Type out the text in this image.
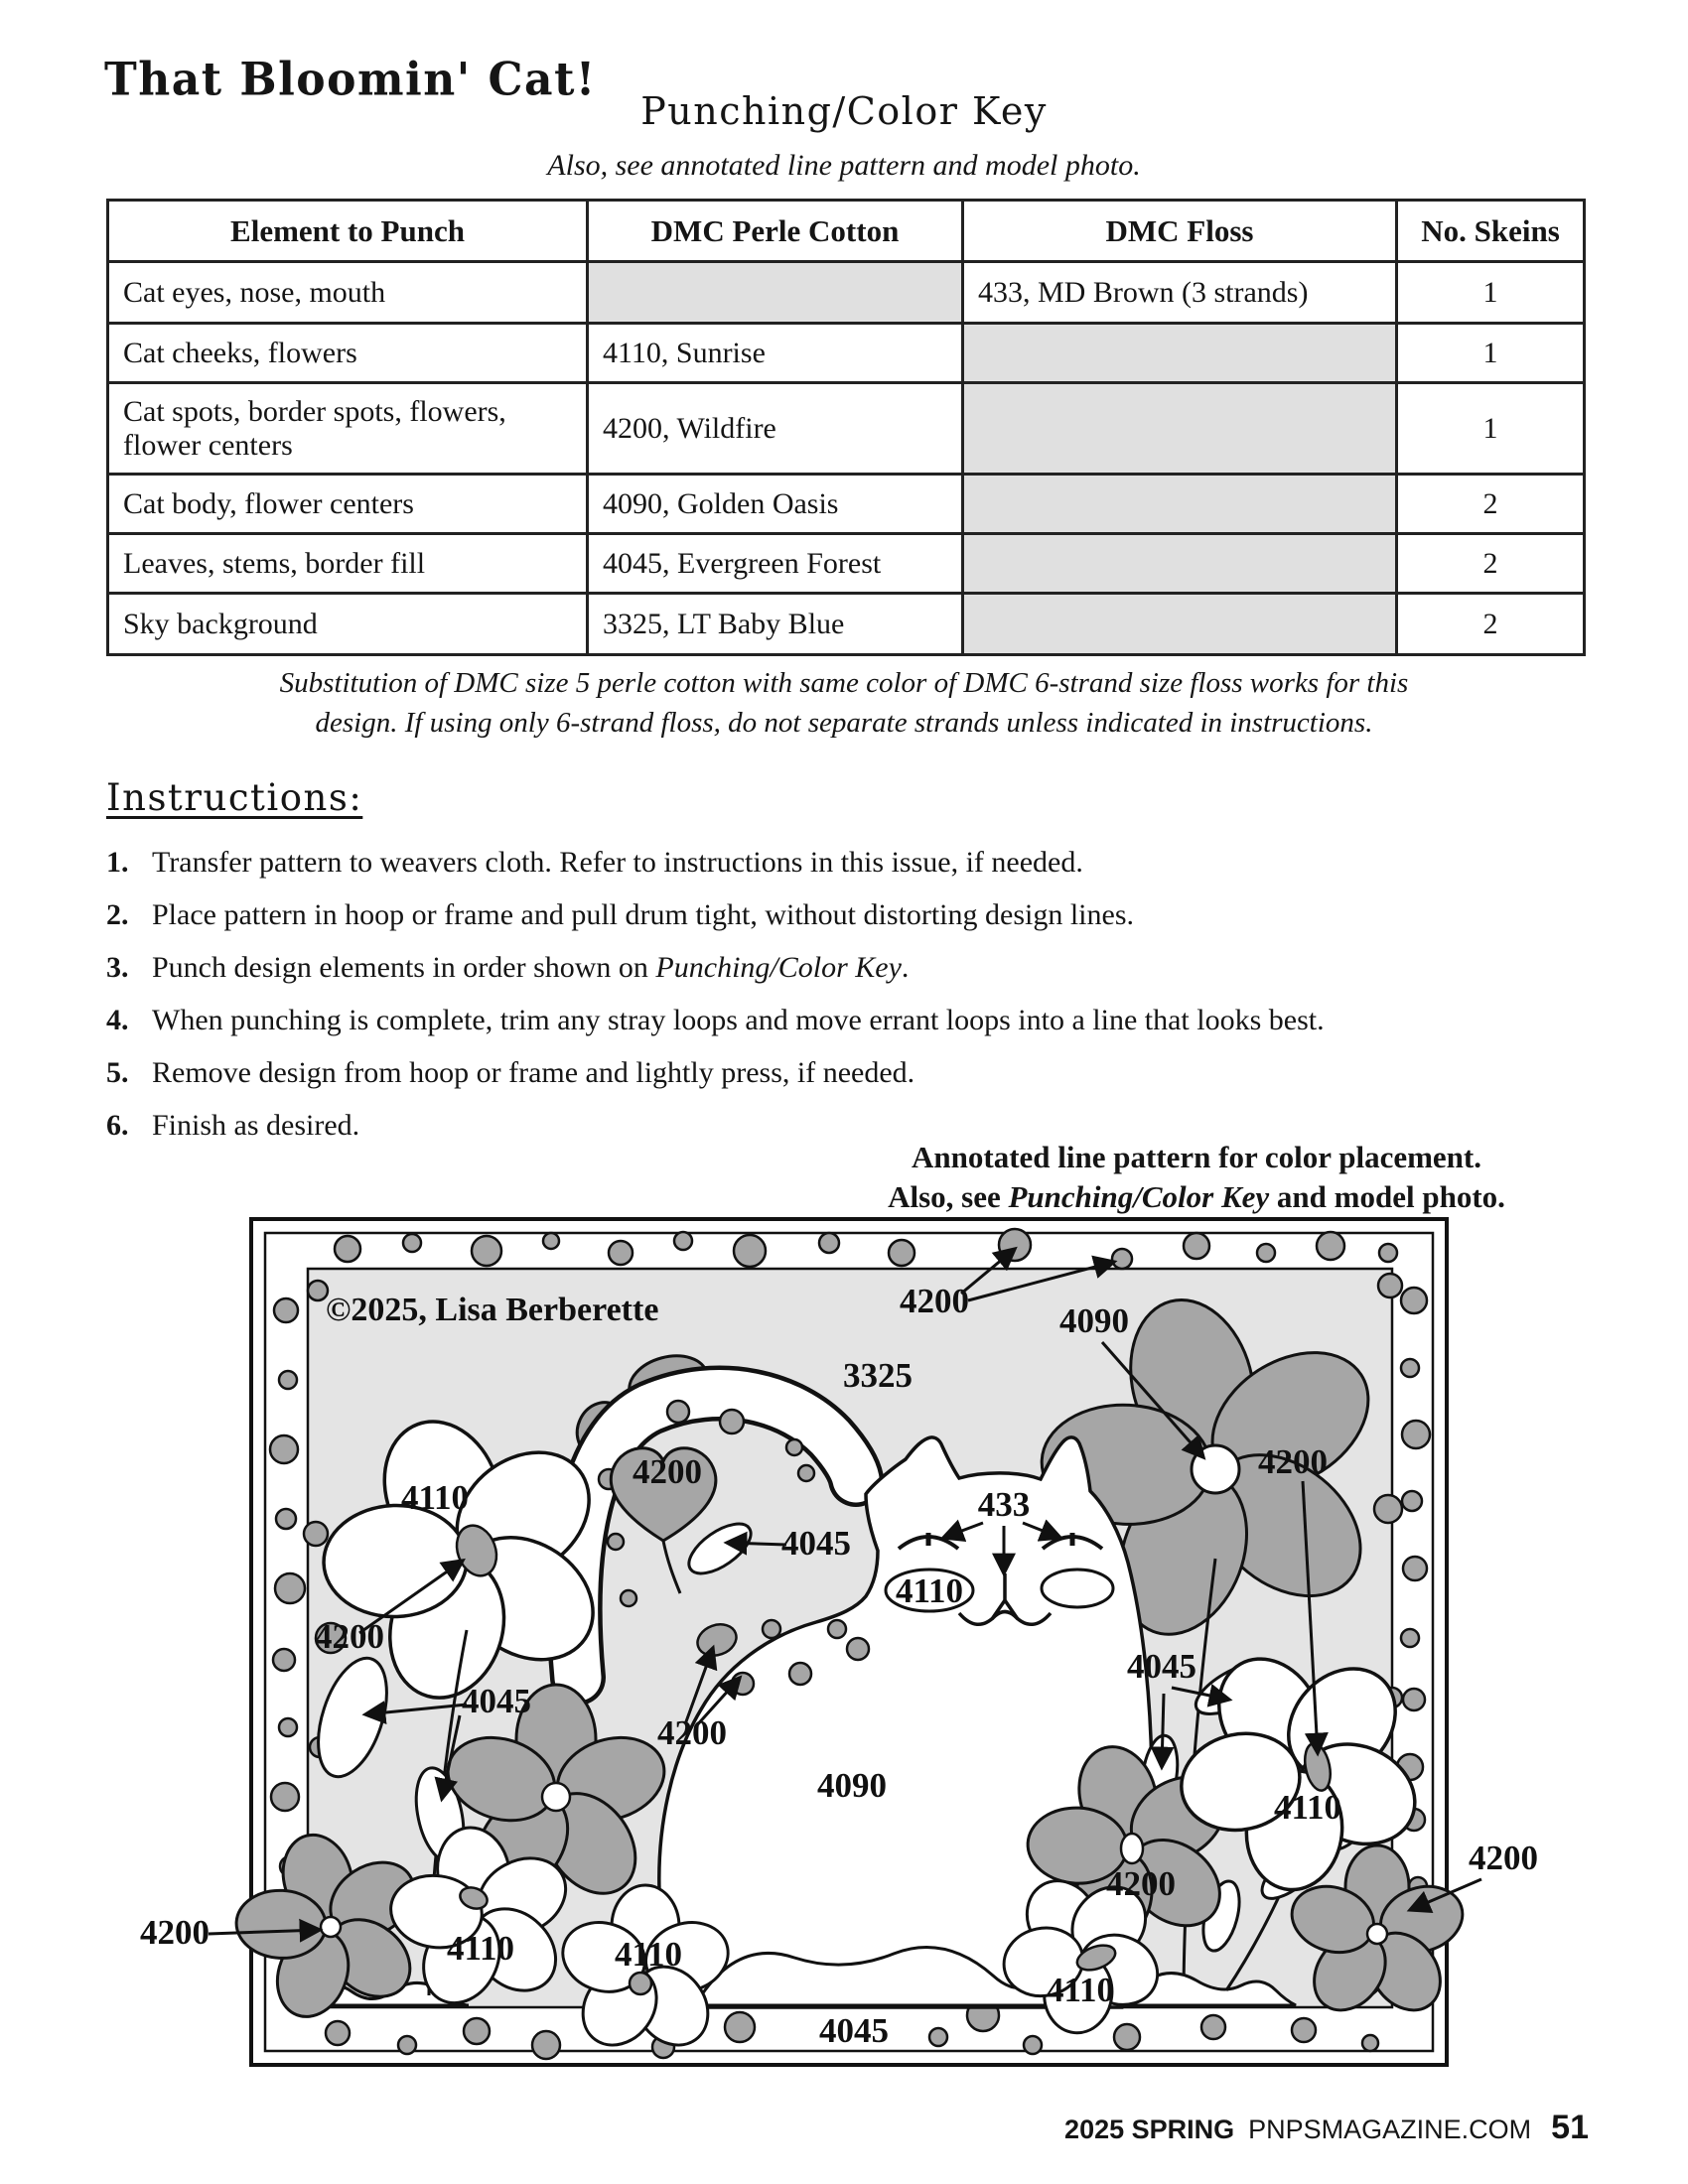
©2025, Lisa Berberette	4200
4090
3325
4200
433
4110
4200
4045
4110
4200
4045
4200
4090
4110	4110
4200
4200
4110
4045
4045
4110
4200
That Bloomin' Cat!
Punching/Color Key
Also, see annotated line pattern and model photo.
Element to Punch	DMC Perle Cotton	DMC Floss	No. Skeins
Cat eyes, nose, mouth		433, MD Brown (3 strands)	1
Cat cheeks, flowers	4110, Sunrise		1
Cat spots, border spots, flowers, flower centers	4200, Wildfire		1
Cat body, flower centers	4090, Golden Oasis		2
Leaves, stems, border fill	4045, Evergreen Forest		2
Sky background	3325, LT Baby Blue		2
Substitution of DMC size 5 perle cotton with same color of DMC 6-strand size floss works for this
design. If using only 6-strand floss, do not separate strands unless indicated in instructions.
Instructions:
1. Transfer pattern to weavers cloth. Refer to instructions in this issue, if needed.
2. Place pattern in hoop or frame and pull drum tight, without distorting design lines.
3. Punch design elements in order shown on Punching/Color Key.
4. When punching is complete, trim any stray loops and move errant loops into a line that looks best.
5. Remove design from hoop or frame and lightly press, if needed.
6. Finish as desired.
Annotated line pattern for color placement.
Also, see Punching/Color Key and model photo.
2025 SPRING PNPSMAGAZINE.COM 51
